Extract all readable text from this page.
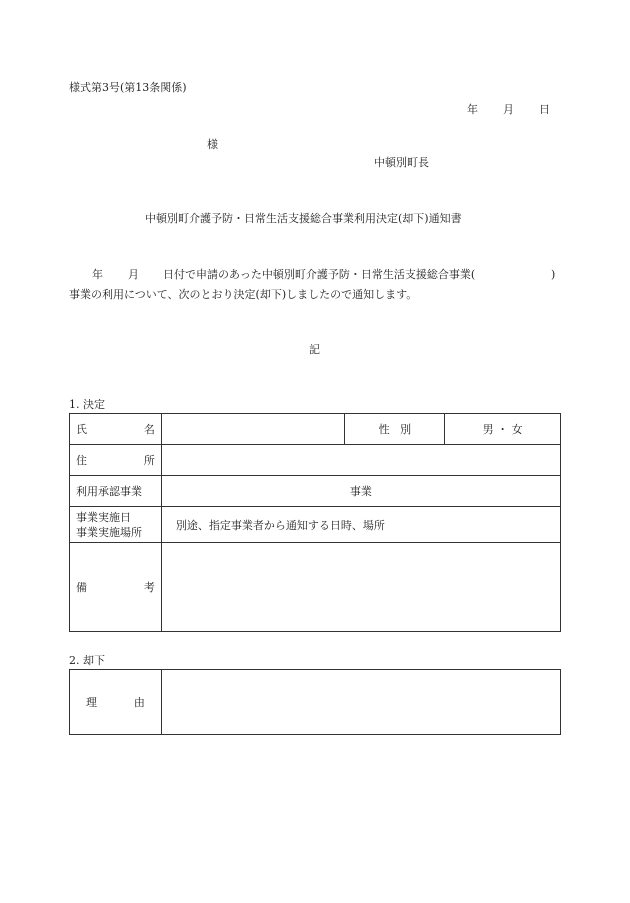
様式第3号(第13条関係)
年 月 日
様
中頓別町長
中頓別町介護予防・日常生活支援総合事業利用決定(却下)通知書
年 月 日付で申請のあった中頓別町介護予防・日常生活支援総合事業(	)
事業の利用について、次のとおり決定(却下)しましたので通知します。
記
1. 決定
氏 名		性 別	男 ・ 女

住 所			

利用承認事業	事業		

事業実施日
事業実施場所	別途、指定事業者から通知する日時、場所		

備 考			

2. 却下
理	由
